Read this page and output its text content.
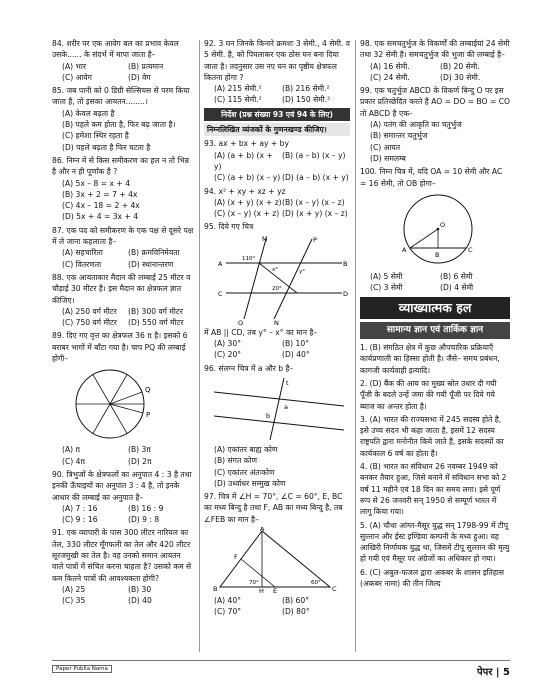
84. शरीर पर एक आवेग बल का प्रभाव केवल उसके...... के संदर्भ में मापा जाता है–
(A) भार	(B) प्रत्यमान
(C) आवेग	(D) वेग
85. जब पानी को 0 डिग्री सेल्सियस से परम किया जाता है, तो इसका आयतन........।
(A) केवल बढ़ता है
(B) पहले कम होता है, फिर बढ़ जाता है।
(C) हमेशा स्थिर रहता है
(D) पहले बढ़ता है फिर घटता है
86. निम्न में से किस समीकरण का हल न तो भिन्न है और न ही पूर्णांक है ?
(A) 5x – 8 = x + 4
(B) 3x + 2 = 7 + 4x
(C) 4x – 18 = 2 + 4x
(D) 5x + 4 = 3x + 4
87. एक पद को समीकरण के एक पक्ष से दूसरे पक्ष में ले जाना कहलाता है–
(A) सहचारिता	(B) क्रमविनिमेयता
(C) वितरणता	(D) स्थानान्तरण
88. एक आयताकार मैदान की लम्बाई 25 मीटर व चौड़ाई 30 मीटर है। इस मैदान का क्षेत्रफल ज्ञात कीजिए।
(A) 250 वर्ग मीटर	(B) 300 वर्ग मीटर
(C) 750 वर्ग मीटर	(D) 550 वर्ग मीटर
89. दिए गए वृत्त का क्षेत्रफल 36 π है। इसको 6 बराबर भागों में बाँटा गया है। चाप PQ की लम्बाई होगी–
Q
P
(A) π	(B) 3π
(C) 4π	(D) 2π
90. त्रिभुजों के क्षेत्रफलों का अनुपात 4 : 3 है तथा इनकी ऊँचाइयों का अनुपात 3 : 4 है, तो इनके आधार की लम्बाई का अनुपात है–
(A) 7 : 16	(B) 16 : 9
(C) 9 : 16	(D) 9 : 8
91. एक व्यापारी के पास 300 लीटर नारियल का तेल, 330 लीटर मूँगफली का तेल और 420 लीटर सूरजमुखी का तेल है। वह उनको समान आयतन वाले पात्रों में संचित करना चाहता है? उसको कम से कम कितने पात्रों की आवश्यकता होगी?
(A) 25	(B) 30
(C) 35	(D) 40
92. 3 घन जिनके किनारे क्रमशः 3 सेमी., 4 सेमी. व 5 सेमी. है, को पिघलाकर एक ठोस घन बना दिया जाता है। तदनुसार उस नए घन का पृष्ठीय क्षेत्रफल कितना होगा ?
(A) 215 सेमी.²	(B) 216 सेमी.²
(C) 115 सेमी.²	(D) 150 सेमी.²
निर्देश (प्रश्न संख्या 93 एवं 94 के लिए)
निम्नलिखित व्यंजकों के गुणनखण्ड कीजिए।
93. ax + bx + ay + by
(A) (a + b) (x + y)
(B) (a – b) (x – y)
(C) (a + b) (x – y) (D) (a – b) (x + y)
94. x² + xy + xz + yz
(A) (x + y) (x + z) (B) (x – y) (x – z)
(C) (x – y) (x + z) (D) (x + y) (x – z)
95. दिये गए चित्र
M	P
A	B
C	D
Q	N
110°
x°	y°
20°
में AB || CD, तब y° – x° का मान है–
(A) 30°	(B) 10°
(C) 20°	(D) 40°
96. संलग्न चित्र में a और b है–
t
a
b
(A) एकांतर बाह्य कोण
(B) संगत कोण
(C) एकांतर अंतःकोण
(D) उर्ध्वाधर सम्मुख कोण
97. चित्र में ∠H = 70°, ∠C = 60°, E, BC का मध्य बिन्दु है तथा F, AB का मध्य बिन्दु है, तब ∠FEB का मान है–
A
F
H
B	E	C
70°	60°
(A) 40°	(B) 60°
(C) 70°	(D) 80°
98. एक समचतुर्भुज के विकर्णों की लम्बाईयां 24 सेमी तथा 32 सेमी है। समचतुर्भुज की भुजा की लम्बाई है–
(A) 16 सेमी.	(B) 20 सेमी.
(C) 24 सेमी.	(D) 30 सेमी.
99. एक चतुर्भुज ABCD के विकर्ण बिन्दु O पर इस प्रकार प्रतिच्छेदित करते है AO = DO = BO = CO तो ABCD है एक–
(A) पतंग की आकृति का चतुर्भुज
(B) समान्तर चतुर्भुज
(C) आयत
(D) समलम्ब
100. निम्न चित्र में, यदि OA = 10 सेमी और AC = 16 सेमी, तो OB होगा–
O
A
B
C
(A) 5 सेमी	(B) 6 सेमी
(C) 3 सेमी	(D) 4 सेमी
व्याख्यात्मक हल
सामान्य ज्ञान एवं तार्किक ज्ञान
1. (B) संगठित क्षेत्र में कुछ औपचारिक प्रक्रियाएँ कार्यप्रणाली का हिस्सा होती है। जैसे– समय प्रबंधन, कागजी कार्यवाही इत्यादि।
2. (D) बैंक की आय का मुख्य स्रोत उधार दी गयी पूँजी के बदले उन्हें जमा की गयी पूँजी पर दिये गये ब्याज का अन्तर होता है।
3. (A) भारत की राज्यसभा में 245 सदस्य होते है, इसे उच्च सदन भी कहा जाता है, इसमें 12 सदस्य राष्ट्रपति द्वारा मनोनीत किये जाते है, इसके सदस्यों का कार्यकाल 6 वर्ष का होता है।
4. (B) भारत का संविधान 26 नवम्बर 1949 को बनकर तैयार हुआ, जिसे बनाने में संविधान सभा को 2 वर्ष 11 महीने एवं 18 दिन का समय लगा। इसे पूर्ण रूप से 26 जनवरी सन् 1950 से सम्पूर्ण भारत में लागू किया गया।
5. (A) चौथा आंग्ल-मैसूर युद्ध सन् 1798-99 में टीपू सुल्तान और ईस्ट इण्डिया कम्पनी के मध्य हुआ। यह आखिरी निर्णायक युद्ध था, जिसमें टीपू सुल्तान की मृत्यु हो गयी एवं मैसूर पर अंग्रेजों का अधिकार हो गया।
6. (C) अबुल-फजल द्वारा अकबर के शासन इतिहास (अकबर नामा) की तीन जिल्द
Paper Publia Nama	पेपर | 5
